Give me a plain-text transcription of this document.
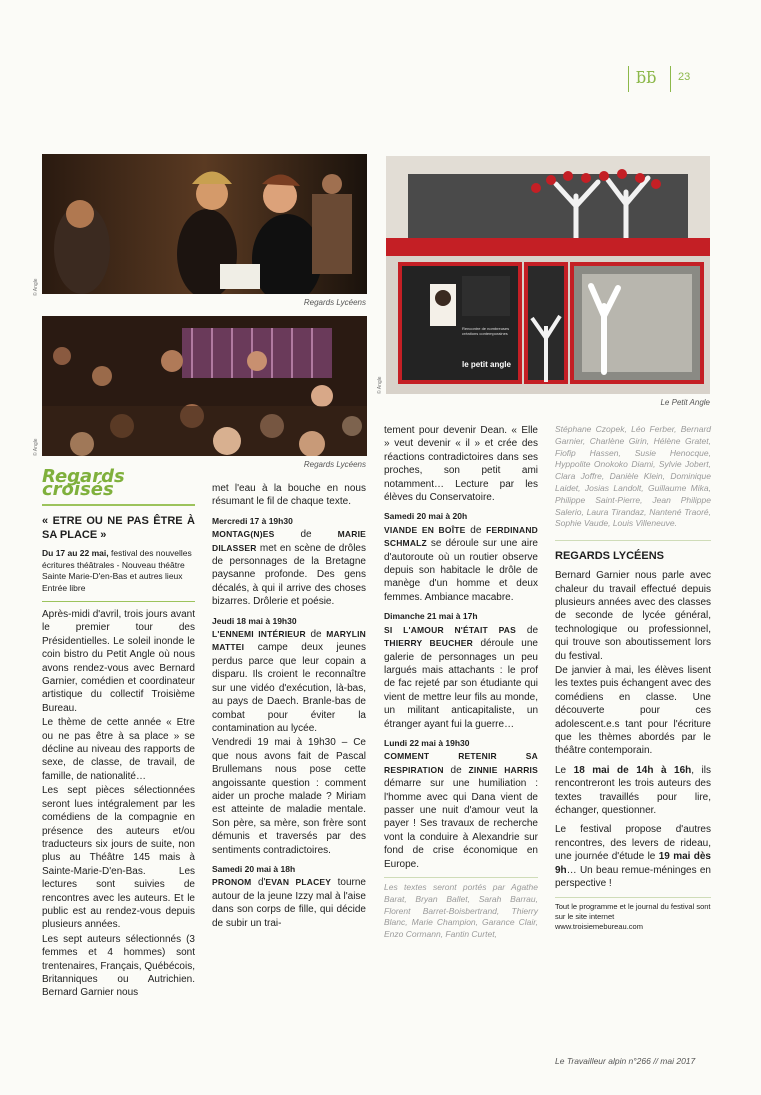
ƃƃ 23
Regards Lycéens
Regards Lycéens
Rencontre de nombreuses créations contemporaines
le petit angle
Le Petit Angle
© Angle
© Angle
© Angle
Regards croisés
« ETRE OU NE PAS ÊTRE À SA PLACE »

Du 17 au 22 mai, festival des nouvelles écritures théâtrales - Nouveau théâtre Sainte Marie-D'en-Bas et autres lieux
Entrée libre

Après-midi d'avril, trois jours avant le premier tour des Présidentielles. Le soleil inonde le coin bistro du Petit Angle où nous avons rendez-vous avec Bernard Garnier, comédien et coordinateur artistique du collectif Troisième Bureau.

Le thème de cette année « Etre ou ne pas être à sa place » se décline au niveau des rapports de sexe, de classe, de travail, de famille, de nationalité…

Les sept pièces sélectionnées seront lues intégralement par les comédiens de la compagnie en présence des auteurs et/ou traducteurs six jours de suite, non plus au Théâtre 145 mais à Sainte-Marie-D'en-Bas. Les lectures sont suivies de rencontres avec les auteurs. Et le public est au rendez-vous depuis plusieurs années.

Les sept auteurs sélectionnés (3 femmes et 4 hommes) sont trentenaires, Français, Québécois, Britanniques ou Autrichien. Bernard Garnier nous

met l'eau à la bouche en nous résumant le fil de chaque texte.

Mercredi 17 à 19h30

MONTAG(N)ES de MARIE DILASSER met en scène de drôles de personnages de la Bretagne paysanne profonde. Des gens décalés, à qui il arrive des choses bizarres. Drôlerie et poésie.

Jeudi 18 mai à 19h30

L'ENNEMI INTÉRIEUR de MARYLIN MATTEI campe deux jeunes perdus parce que leur copain a disparu. Ils croient le reconnaître sur une vidéo d'exécution, là-bas, au pays de Daech. Branle-bas de combat pour éviter la contamination au lycée.

Vendredi 19 mai à 19h30 – Ce que nous avons fait de Pascal Brullemans nous pose cette angoissante question : comment aider un proche malade ? Miriam est atteinte de maladie mentale. Son père, sa mère, son frère sont démunis et traversés par des sentiments contradictoires.

Samedi 20 mai à 18h

PRONOM d'EVAN PLACEY tourne autour de la jeune Izzy mal à l'aise dans son corps de fille, qui décide de subir un trai-

tement pour devenir Dean. « Elle » veut devenir « il » et crée des réactions contradictoires dans ses proches, son petit ami notamment… Lecture par les élèves du Conservatoire.

Samedi 20 mai à 20h

VIANDE EN BOÎTE de FERDINAND SCHMALZ se déroule sur une aire d'autoroute où un routier observe depuis son habitacle le drôle de manège d'un homme et deux femmes. Ambiance macabre.

Dimanche 21 mai à 17h

SI L'AMOUR N'ÉTAIT PAS de THIERRY BEUCHER déroule une galerie de personnages un peu largués mais attachants : le prof de fac rejeté par son étudiante qui vient de mettre leur fils au monde, un militant anticapitaliste, un étranger ayant fui la guerre…

Lundi 22 mai à 19h30

COMMENT RETENIR SA RESPIRATION de ZINNIE HARRIS démarre sur une humiliation : l'homme avec qui Dana vient de passer une nuit d'amour veut la payer ! Ses travaux de recherche vont la conduire à Alexandrie sur fond de crise économique en Europe.

Les textes seront portés par Agathe Barat, Bryan Ballet, Sarah Barrau, Florent Barret-Boisbertrand, Thierry Blanc, Marie Champion, Garance Clair, Enzo Cormann, Fantin Curtet,

Stéphane Czopek, Léo Ferber, Bernard Garnier, Charlène Girin, Hélène Gratet, Fiofip Hassen, Susie Henocque, Hyppolite Onokoko Diami, Sylvie Jobert, Clara Joffre, Danièle Klein, Dominique Laidet, Josias Landolt, Guillaume Mika, Philippe Saint-Pierre, Jean Philippe Salerio, Laura Tirandaz, Nantené Traoré, Sophie Vaude, Louis Villeneuve.

REGARDS LYCÉENS

Bernard Garnier nous parle avec chaleur du travail effectué depuis plusieurs années avec des classes de seconde de lycée général, technologique ou professionnel, qui trouve son aboutissement lors du festival.

De janvier à mai, les élèves lisent les textes puis échangent avec des comédiens en classe. Une découverte pour ces adolescent.e.s tant pour l'écriture que les thèmes abordés par le théâtre contemporain.

Le 18 mai de 14h à 16h, ils rencontreront les trois auteurs des textes travaillés pour lire, échanger, questionner.

Le festival propose d'autres rencontres, des levers de rideau, une journée d'étude le 19 mai dès 9h… Un beau remue-méninges en perspective !

Tout le programme et le journal du festival sont sur le site internet
www.troisiemebureau.com

Le Travailleur alpin n°266 // mai 2017
